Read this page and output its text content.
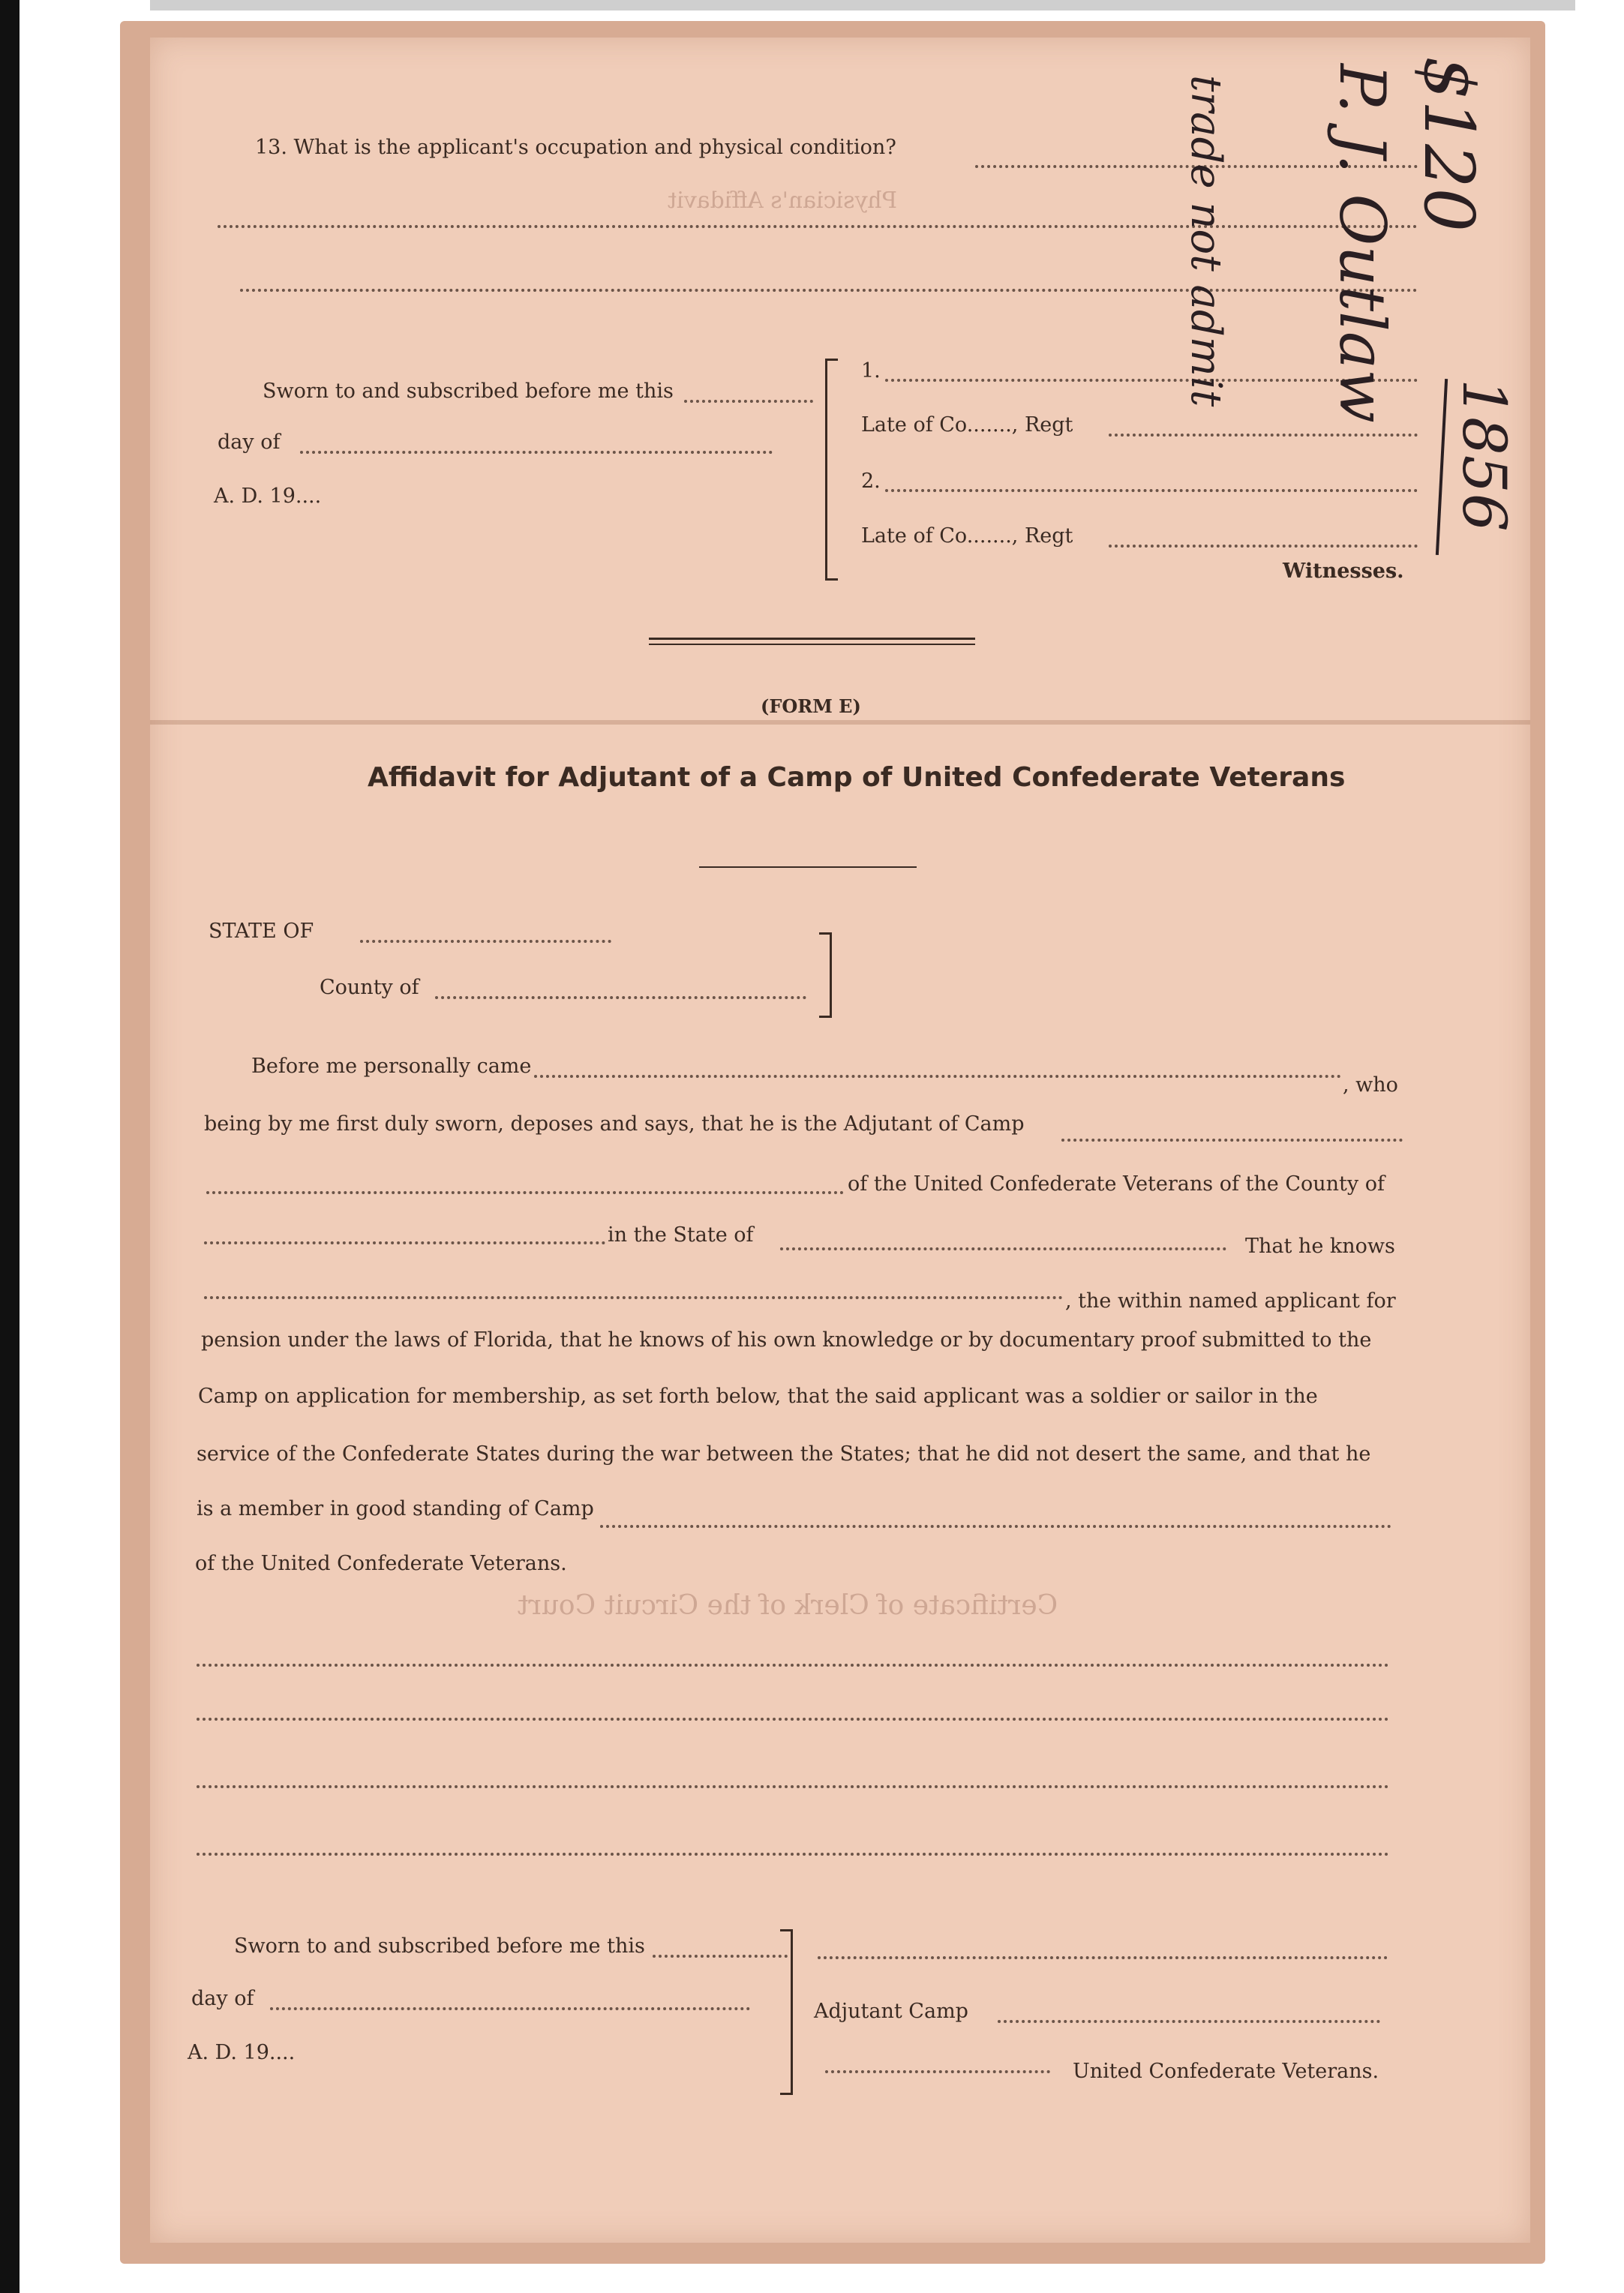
Physician's Affidavit
Certificate of Clerk of the Circuit Court
13. What is the applicant's occupation and physical condition?
Sworn to and subscribed before me this
day of
A. D. 19....
1.
Late of Co......., Regt
2.
Late of Co......., Regt
Witnesses.
(FORM E)
Affidavit for Adjutant of a Camp of United Confederate Veterans
STATE OF
County of
Before me personally came
, who
being by me first duly sworn, deposes and says, that he is the Adjutant of Camp
of the United Confederate Veterans of the County of
in the State of	That he knows
, the within named applicant for
pension under the laws of Florida, that he knows of his own knowledge or by documentary proof submitted to the
Camp on application for membership, as set forth below, that the said applicant was a soldier or sailor in the
service of the Confederate States during the war between the States; that he did not desert the same, and that he
is a member in good standing of Camp
of the United Confederate Veterans.
Sworn to and subscribed before me this
day of
A. D. 19....
Adjutant Camp
United Confederate Veterans.
$120
P. J. Outlaw
trade not admit
1856
